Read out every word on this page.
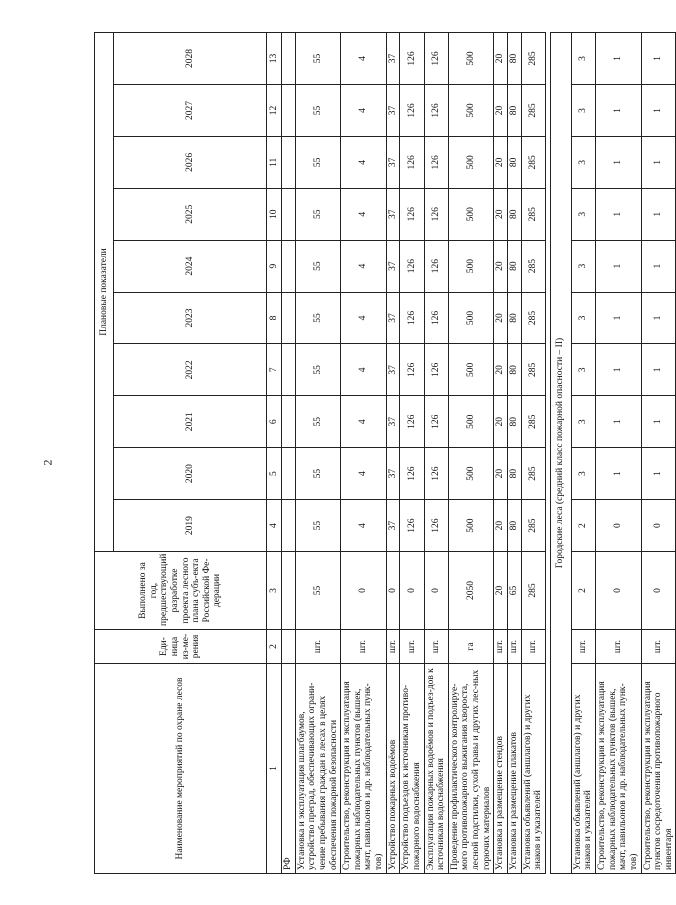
2
Наименование мероприятий по охране лесов	Еди-ница из-ме-рения	Выполнено за год, предшествующий разработке проекта лесного плана субъ-екта Российской Фе-дерации	Плановые показатели									
			2019	2020	2021	2022	2023	2024	2025	2026	2027	2028
1	2	3	4	5	6	7	8	9	10	11	12	13
РФ												
Установка и эксплуатация шлагбаумов, устройство преград, обеспечивающих ограни-чение пребывания граждан в лесах в целях обеспечения пожарной безопасности	шт.	55	55	55	55	55	55	55	55	55	55	55
Строительство, реконструкция и эксплуатация пожарных наблюдательных пунктов (вышек, мачт, павильонов и др. наблюдательных пунк-тов)	шт.	0	4	4	4	4	4	4	4	4	4	4
Устройство пожарных водоёмов	шт.	0	37	37	37	37	37	37	37	37	37	37
Устройство подъездов к источникам противо-пожарного водоснабжения	шт.	0	126	126	126	126	126	126	126	126	126	126
Эксплуатация пожарных водоёмов и подъез-дов к источникам водоснабжения	шт.	0	126	126	126	126	126	126	126	126	126	126
Проведение профилактического контролируе-мого противопожарного выжигания хвороста, лесной подстилки, сухой травы и других лес-ных горючих материалов	га	2050	500	500	500	500	500	500	500	500	500	500
Установка и размещение стендов	шт.	20	20	20	20	20	20	20	20	20	20	20
Установка и размещение плакатов	шт.	65	80	80	80	80	80	80	80	80	80	80
Установка обьявлений (аншлагов) и других знаков и указателей	шт.	285	285	285	285	285	285	285	285	285	285	285

Городские леса (средний класс пожарной опасности – II)												
Установка обьявлений (аншлагов) и других знаков и указателей	шт.	2	2	3	3	3	3	3	3	3	3	3
Строительство, реконструкция и эксплуатация пожарных наблюдательных пунктов (вышек, мачт, павильонов и др. наблюдательных пунк-тов)	шт.	0	0	1	1	1	1	1	1	1	1	1
Строительство, реконструкция и эксплуатация пунктов сосредоточения противопожарного инвентаря	шт.	0	0	1	1	1	1	1	1	1	1	1
